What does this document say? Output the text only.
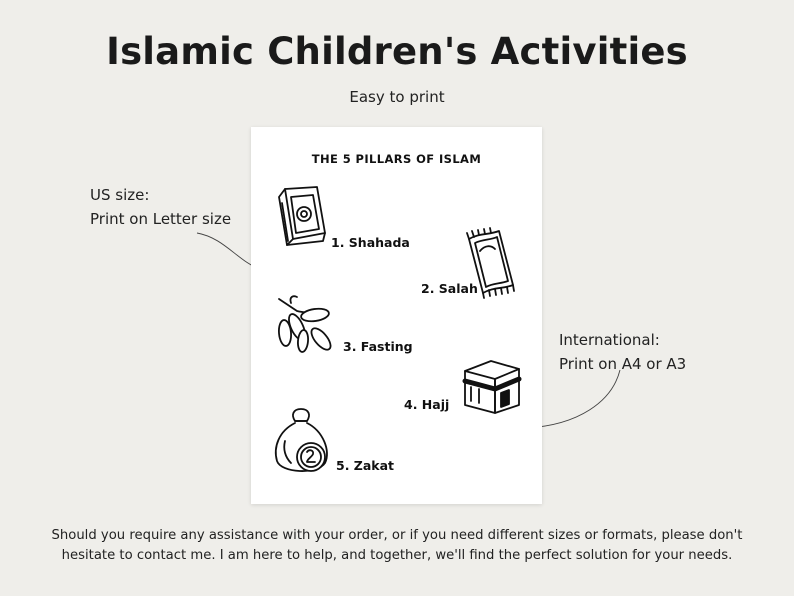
Islamic Children's Activities
Easy to print
US size:
Print on Letter size
International:
Print on A4 or A3
THE 5 PILLARS OF ISLAM
1. Shahada
2. Salah
3. Fasting
4. Hajj
5. Zakat
Should you require any assistance with your order, or if you need different sizes or formats, please don't
hesitate to contact me. I am here to help, and together, we'll find the perfect solution for your needs.
